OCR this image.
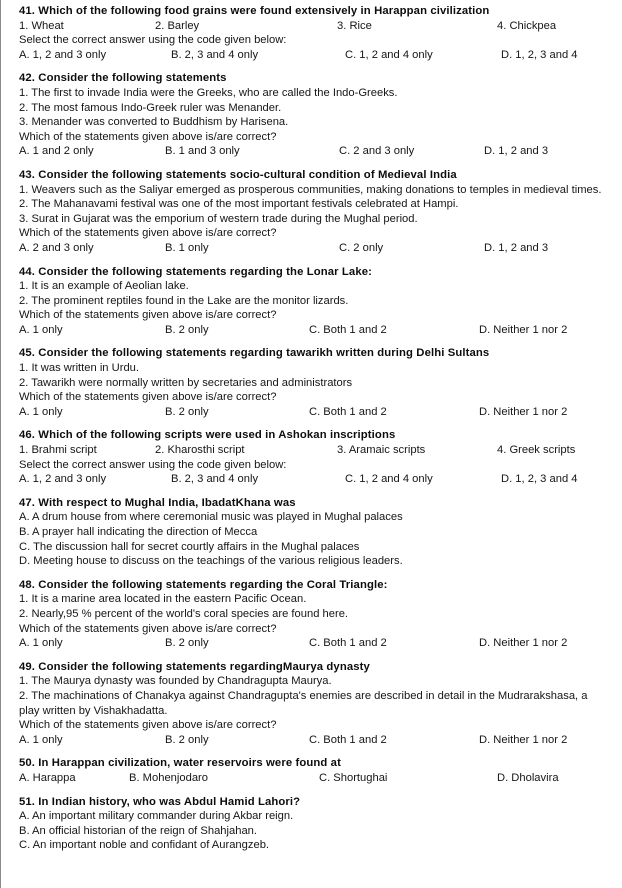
41. Which of the following food grains were found extensively in Harappan civilization
1. Wheat	2. Barley	3. Rice	4. Chickpea
Select the correct answer using the code given below:
A. 1, 2 and 3 only	B. 2, 3 and 4 only	C. 1, 2 and 4 only	D. 1, 2, 3 and 4
42. Consider the following statements
1. The first to invade India were the Greeks, who are called the Indo-Greeks.
2. The most famous Indo-Greek ruler was Menander.
3. Menander was converted to Buddhism by Harisena.
Which of the statements given above is/are correct?
A. 1 and 2 only	B. 1 and 3 only	C. 2 and 3 only	D. 1, 2 and 3
43. Consider the following statements socio-cultural condition of Medieval India
1. Weavers such as the Saliyar emerged as prosperous communities, making donations to temples in medieval times.
2. The Mahanavami festival was one of the most important festivals celebrated at Hampi.
3. Surat in Gujarat was the emporium of western trade during the Mughal period.
Which of the statements given above is/are correct?
A. 2 and 3 only	B. 1 only	C. 2 only	D. 1, 2 and 3
44. Consider the following statements regarding the Lonar Lake:
1. It is an example of Aeolian lake.
2. The prominent reptiles found in the Lake are the monitor lizards.
Which of the statements given above is/are correct?
A. 1 only	B. 2 only	C. Both 1 and 2	D. Neither 1 nor 2
45. Consider the following statements regarding tawarikh written during Delhi Sultans
1. It was written in Urdu.
2. Tawarikh were normally written by secretaries and administrators
Which of the statements given above is/are correct?
A. 1 only	B. 2 only	C. Both 1 and 2	D. Neither 1 nor 2
46. Which of the following scripts were used in Ashokan inscriptions
1. Brahmi script	2. Kharosthi script	3. Aramaic scripts	4. Greek scripts
Select the correct answer using the code given below:
A. 1, 2 and 3 only	B. 2, 3 and 4 only	C. 1, 2 and 4 only	D. 1, 2, 3 and 4
47. With respect to Mughal India, IbadatKhana was
A. A drum house from where ceremonial music was played in Mughal palaces
B. A prayer hall indicating the direction of Mecca
C. The discussion hall for secret courtly affairs in the Mughal palaces
D. Meeting house to discuss on the teachings of the various religious leaders.
48. Consider the following statements regarding the Coral Triangle:
1. It is a marine area located in the eastern Pacific Ocean.
2. Nearly,95 % percent of the world's coral species are found here.
Which of the statements given above is/are correct?
A. 1 only	B. 2 only	C. Both 1 and 2	D. Neither 1 nor 2
49. Consider the following statements regardingMaurya dynasty
1. The Maurya dynasty was founded by Chandragupta Maurya.
2. The machinations of Chanakya against Chandragupta's enemies are described in detail in the Mudrarakshasa, a play written by Vishakhadatta.
Which of the statements given above is/are correct?
A. 1 only	B. 2 only	C. Both 1 and 2	D. Neither 1 nor 2
50. In Harappan civilization, water reservoirs were found at
A. Harappa	B. Mohenjodaro	C. Shortughai	D. Dholavira
51. In Indian history, who was Abdul Hamid Lahori?
A. An important military commander during Akbar reign.
B. An official historian of the reign of Shahjahan.
C. An important noble and confidant of Aurangzeb.
